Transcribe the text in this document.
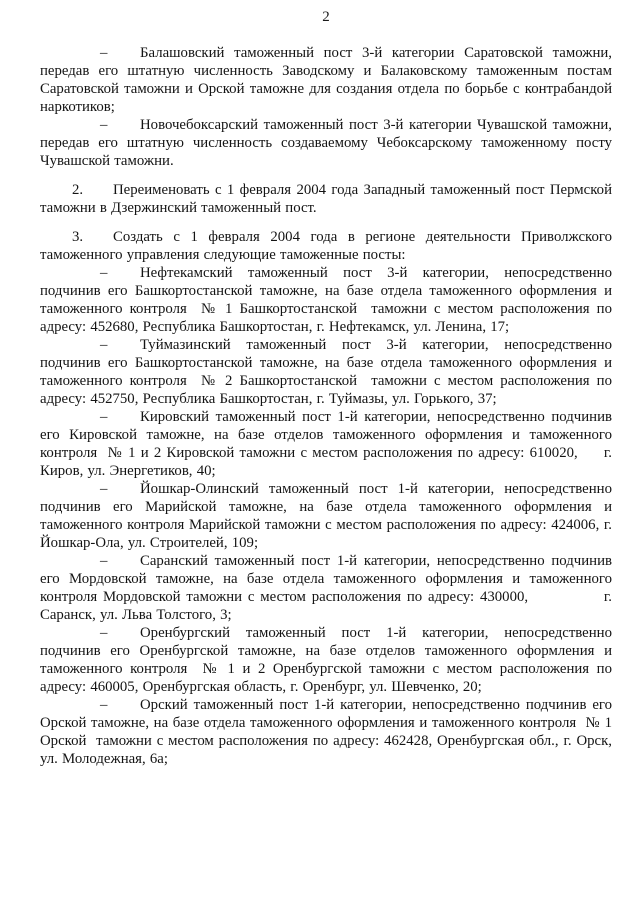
2

– Балашовский таможенный пост 3-й категории Саратовской таможни, передав его штатную численность Заводскому и Балаковскому таможенным постам Саратовской таможни и Орской таможне для создания отдела по борьбе с контрабандой наркотиков;

– Новочебоксарский таможенный пост 3-й категории Чувашской таможни, передав его штатную численность создаваемому Чебоксарскому таможенному посту Чувашской таможни.

2. Переименовать с 1 февраля 2004 года Западный таможенный пост Пермской таможни в Дзержинский таможенный пост.

3. Создать с 1 февраля 2004 года в регионе деятельности Приволжского таможенного управления следующие таможенные посты:

– Нефтекамский таможенный пост 3-й категории, непосредственно подчинив его Башкортостанской таможне, на базе отдела таможенного оформления и таможенного контроля  № 1 Башкортостанской  таможни с местом расположения по адресу: 452680, Республика Башкортостан, г. Нефтекамск, ул. Ленина, 17;

– Туймазинский таможенный пост 3-й категории, непосредственно подчинив его Башкортостанской таможне, на базе отдела таможенного оформления и таможенного контроля  № 2 Башкортостанской  таможни с местом расположения по адресу: 452750, Республика Башкортостан, г. Туймазы, ул. Горького, 37;

– Кировский таможенный пост 1-й категории, непосредственно подчинив его Кировской таможне, на базе отделов таможенного оформления и таможенного контроля  № 1 и 2 Кировской таможни с местом расположения по адресу: 610020,     г. Киров, ул. Энергетиков, 40;

– Йошкар-Олинский таможенный пост 1-й категории, непосредственно подчинив его Марийской таможне, на базе отдела таможенного оформления и таможенного контроля Марийской таможни с местом расположения по адресу: 424006, г. Йошкар-Ола, ул. Строителей, 109;

– Саранский таможенный пост 1-й категории, непосредственно подчинив его Мордовской таможне, на базе отдела таможенного оформления и таможенного контроля Мордовской таможни с местом расположения по адресу: 430000,             г. Саранск, ул. Льва Толстого, 3;

– Оренбургский таможенный пост 1-й категории, непосредственно подчинив его Оренбургской таможне, на базе отделов таможенного оформления и таможенного контроля  № 1 и 2 Оренбургской таможни с местом расположения по адресу: 460005, Оренбургская область, г. Оренбург, ул. Шевченко, 20;

– Орский таможенный пост 1-й категории, непосредственно подчинив его Орской таможне, на базе отдела таможенного оформления и таможенного контроля  № 1 Орской  таможни с местом расположения по адресу: 462428, Оренбургская обл., г. Орск, ул. Молодежная, 6а;
